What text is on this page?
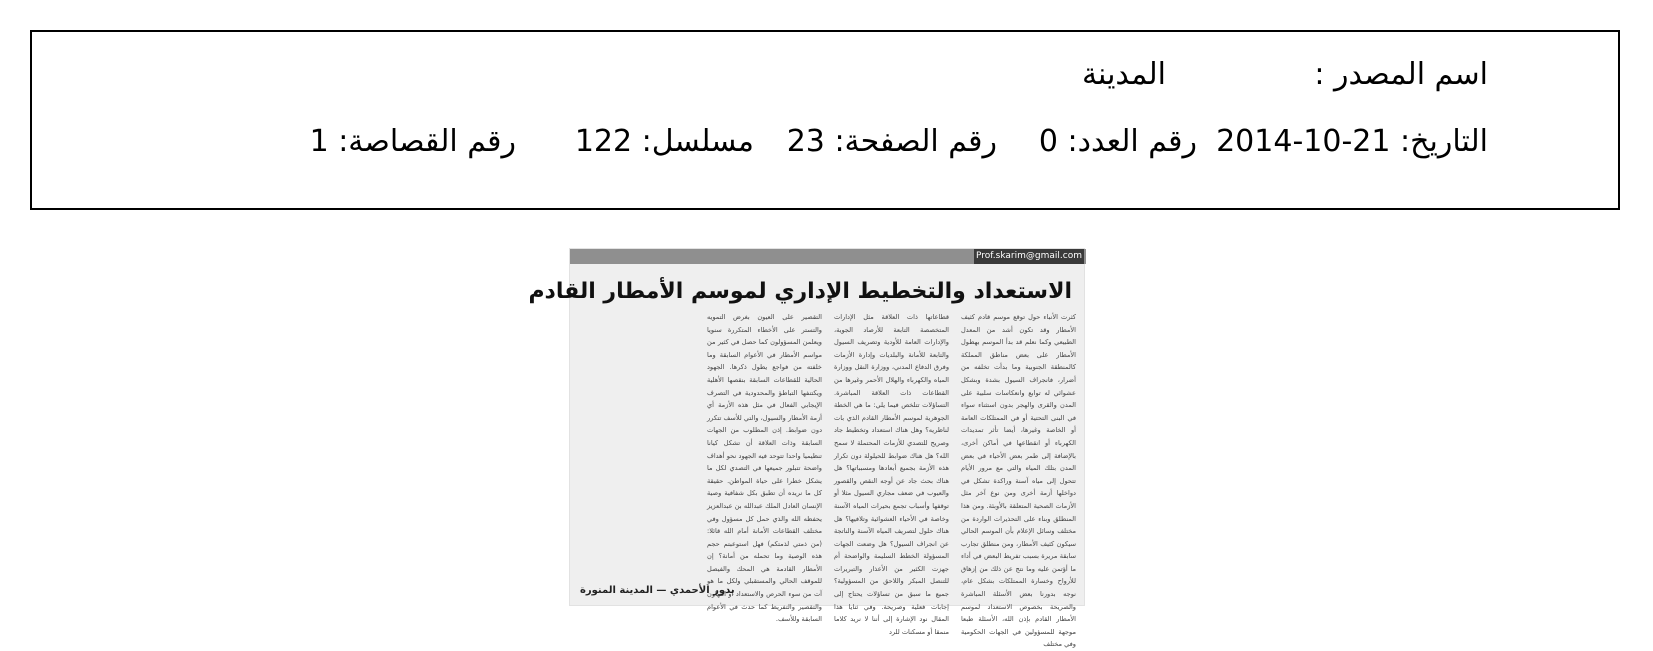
اسم المصدر :
المدينة
التاريخ: 21-10-2014
رقم العدد: 0
رقم الصفحة: 23
مسلسل: 122
رقم القصاصة: 1
Prof.skarim@gmail.com
الاستعداد والتخطيط الإداري لموسم الأمطار القادم
كثرت الأنباء حول توقع موسم قادم كثيف الأمطار وقد تكون أشد من المعدل الطبيعي وكما نعلم قد بدأ الموسم بهطول الأمطار على بعض مناطق المملكة كالمنطقة الجنوبية وما بدأت تخلفه من أضرار، فانجراف السيول بشدة وبشكل عشوائي له توابع وانعكاسات سلبية على المدن والقرى والهجر بدون استثناء سواء في البنى التحتية أو في الممتلكات العامة أو الخاصة وغيرها، أيضا تأثر تمديدات الكهرباء أو انقطاعها في أماكن أخرى، بالإضافة إلى طمر بعض الأحياء في بعض المدن بتلك المياه والتي مع مرور الأيام تتحول إلى مياه آسنة وراكدة تشكل في دواخلها أزمة أخرى ومن نوع آخر مثل الأزمات الصحية المتعلقة بالأوبئة. ومن هذا المنطلق وبناء على التحذيرات الواردة من مختلف وسائل الإعلام بأن الموسم الحالي سيكون كثيف الأمطار، ومن منطلق تجارب سابقة مريرة بسبب تفريط البعض في أداء ما أؤتمن عليه وما نتج عن ذلك من إزهاق للأرواح وخسارة الممتلكات بشكل عام، نوجه بدورنا بعض الأسئلة المباشرة والصريحة بخصوص الاستعداد لموسم الأمطار القادم بإذن الله، الأسئلة طبعا موجهة للمسؤولين في الجهات الحكومية وفي مختلف
قطاعاتها ذات العلاقة مثل الإدارات المتخصصة التابعة للأرصاد الجوية، والإدارات العامة للأودية وتصريف السيول والتابعة للأمانة والبلديات وإدارة الأزمات وفرق الدفاع المدني، ووزارة النقل ووزارة المياه والكهرباء والهلال الأحمر وغيرها من القطاعات ذات العلاقة المباشرة. التساؤلات تتلخص فيما يلي: ما هي الخطة الجوهرية لموسم الأمطار القادم الذي بات لناظريه؟ وهل هناك استعداد وتخطيط جاد وصريح للتصدي للأزمات المحتملة لا سمح الله؟ هل هناك ضوابط للحيلولة دون تكرار هذه الأزمة بجميع أبعادها ومسبباتها؟ هل هناك بحث جاد عن أوجه النقص والقصور والعيوب في ضعف مجاري السيول مثلا أو توقفها وأسباب تجمع بحيرات المياه الآسنة وخاصة في الأحياء العشوائية وتلافيها؟ هل هناك حلول لتصريف المياه الآسنة والناتجة عن انجراف السيول؟ هل وضعت الجهات المسؤولة الخطط السليمة والواضحة أم جهزت الكثير من الأعذار والتبريرات للتنصل المبكر واللاحق من المسؤولية؟ جميع ما سبق من تساؤلات يحتاج إلى إجابات فعلية وصريحة. وفي ثنايا هذا المقال نود الإشارة إلى أننا لا نريد كلاما منمقا أو مسكنات للرد
التقصير على العيون بغرض التمويه والتستر على الأخطاء المتكررة سنويا ويعلمن المسؤولون كما حصل في كثير من مواسم الأمطار في الأعوام السابقة وما خلفته من فواجع يطول ذكرها. الجهود الحالية للقطاعات السابقة بنقصها الأهلية ويكتنفها التباطؤ والمحدودية في التصرف الإيجابي الفعال في مثل هذه الأزمة أي أزمة الأمطار والسيول، والتي للأسف تتكرر دون ضوابط. إذن المطلوب من الجهات السابقة وذات العلاقة أن تشكل كيانا تنظيميا واحدا تتوحد فيه الجهود نحو أهداف واضحة تتبلور جميعها في التصدي لكل ما يشكل خطرا على حياة المواطن. حقيقة كل ما نريده أن تطبق بكل شفافية وصية الإنسان العادل الملك عبدالله بن عبدالعزيز يحفظه الله والذي حمل كل مسؤول وفي مختلف القطاعات الأمانة أمام الله قائلا: (من ذمتي لذمتكم) فهل استوعبتم حجم هذه الوصية وما تحمله من أمانة؟ إن الأمطار القادمة هي المحك والفيصل للموقف الحالي والمستقبلي ولكل ما هو آت من سوء الحرص والاستعداد أو التهاون والتقصير والتفريط كما حدث في الأعوام السابقة وللأسف.
بدور الأحمدي — المدينة المنورة
